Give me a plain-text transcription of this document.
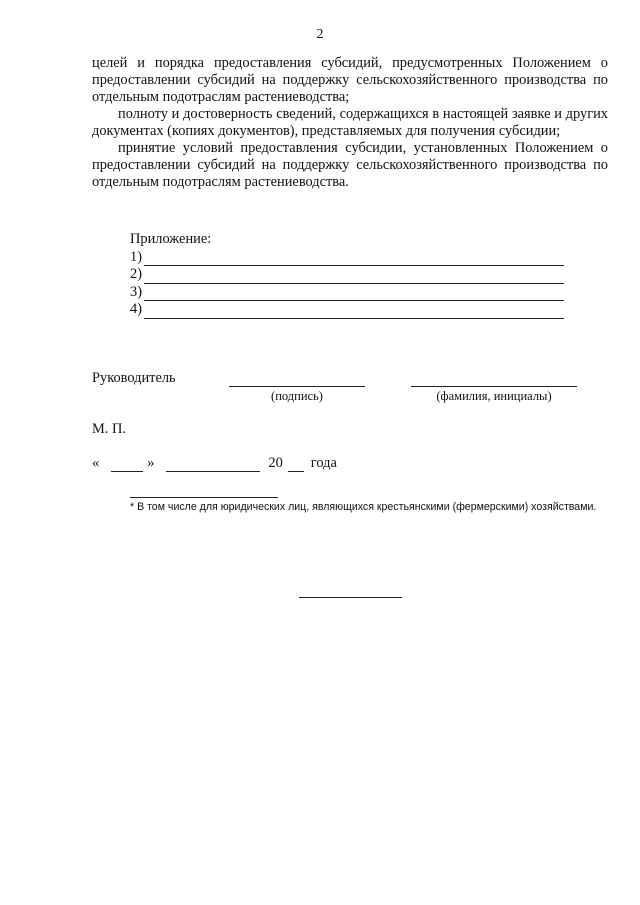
2

целей и порядка предоставления субсидий, предусмотренных Положением о предоставлении субсидий на поддержку сельскохозяйственного производства по отдельным подотраслям растениеводства;

полноту и достоверность сведений, содержащихся в настоящей заявке и других документах (копиях документов), представляемых для получения субсидии;

принятие условий предоставления субсидии, установленных Положением о предоставлении субсидий на поддержку сельскохозяйственного производства по отдельным подотраслям растениеводства.

Приложение:
1)
2)
3)
4)
Руководитель
(подпись)	(фамилия, инициалы)
М. П.
«	»	20 года
* В том числе для юридических лиц, являющихся крестьянскими (фермерскими) хозяйствами.
